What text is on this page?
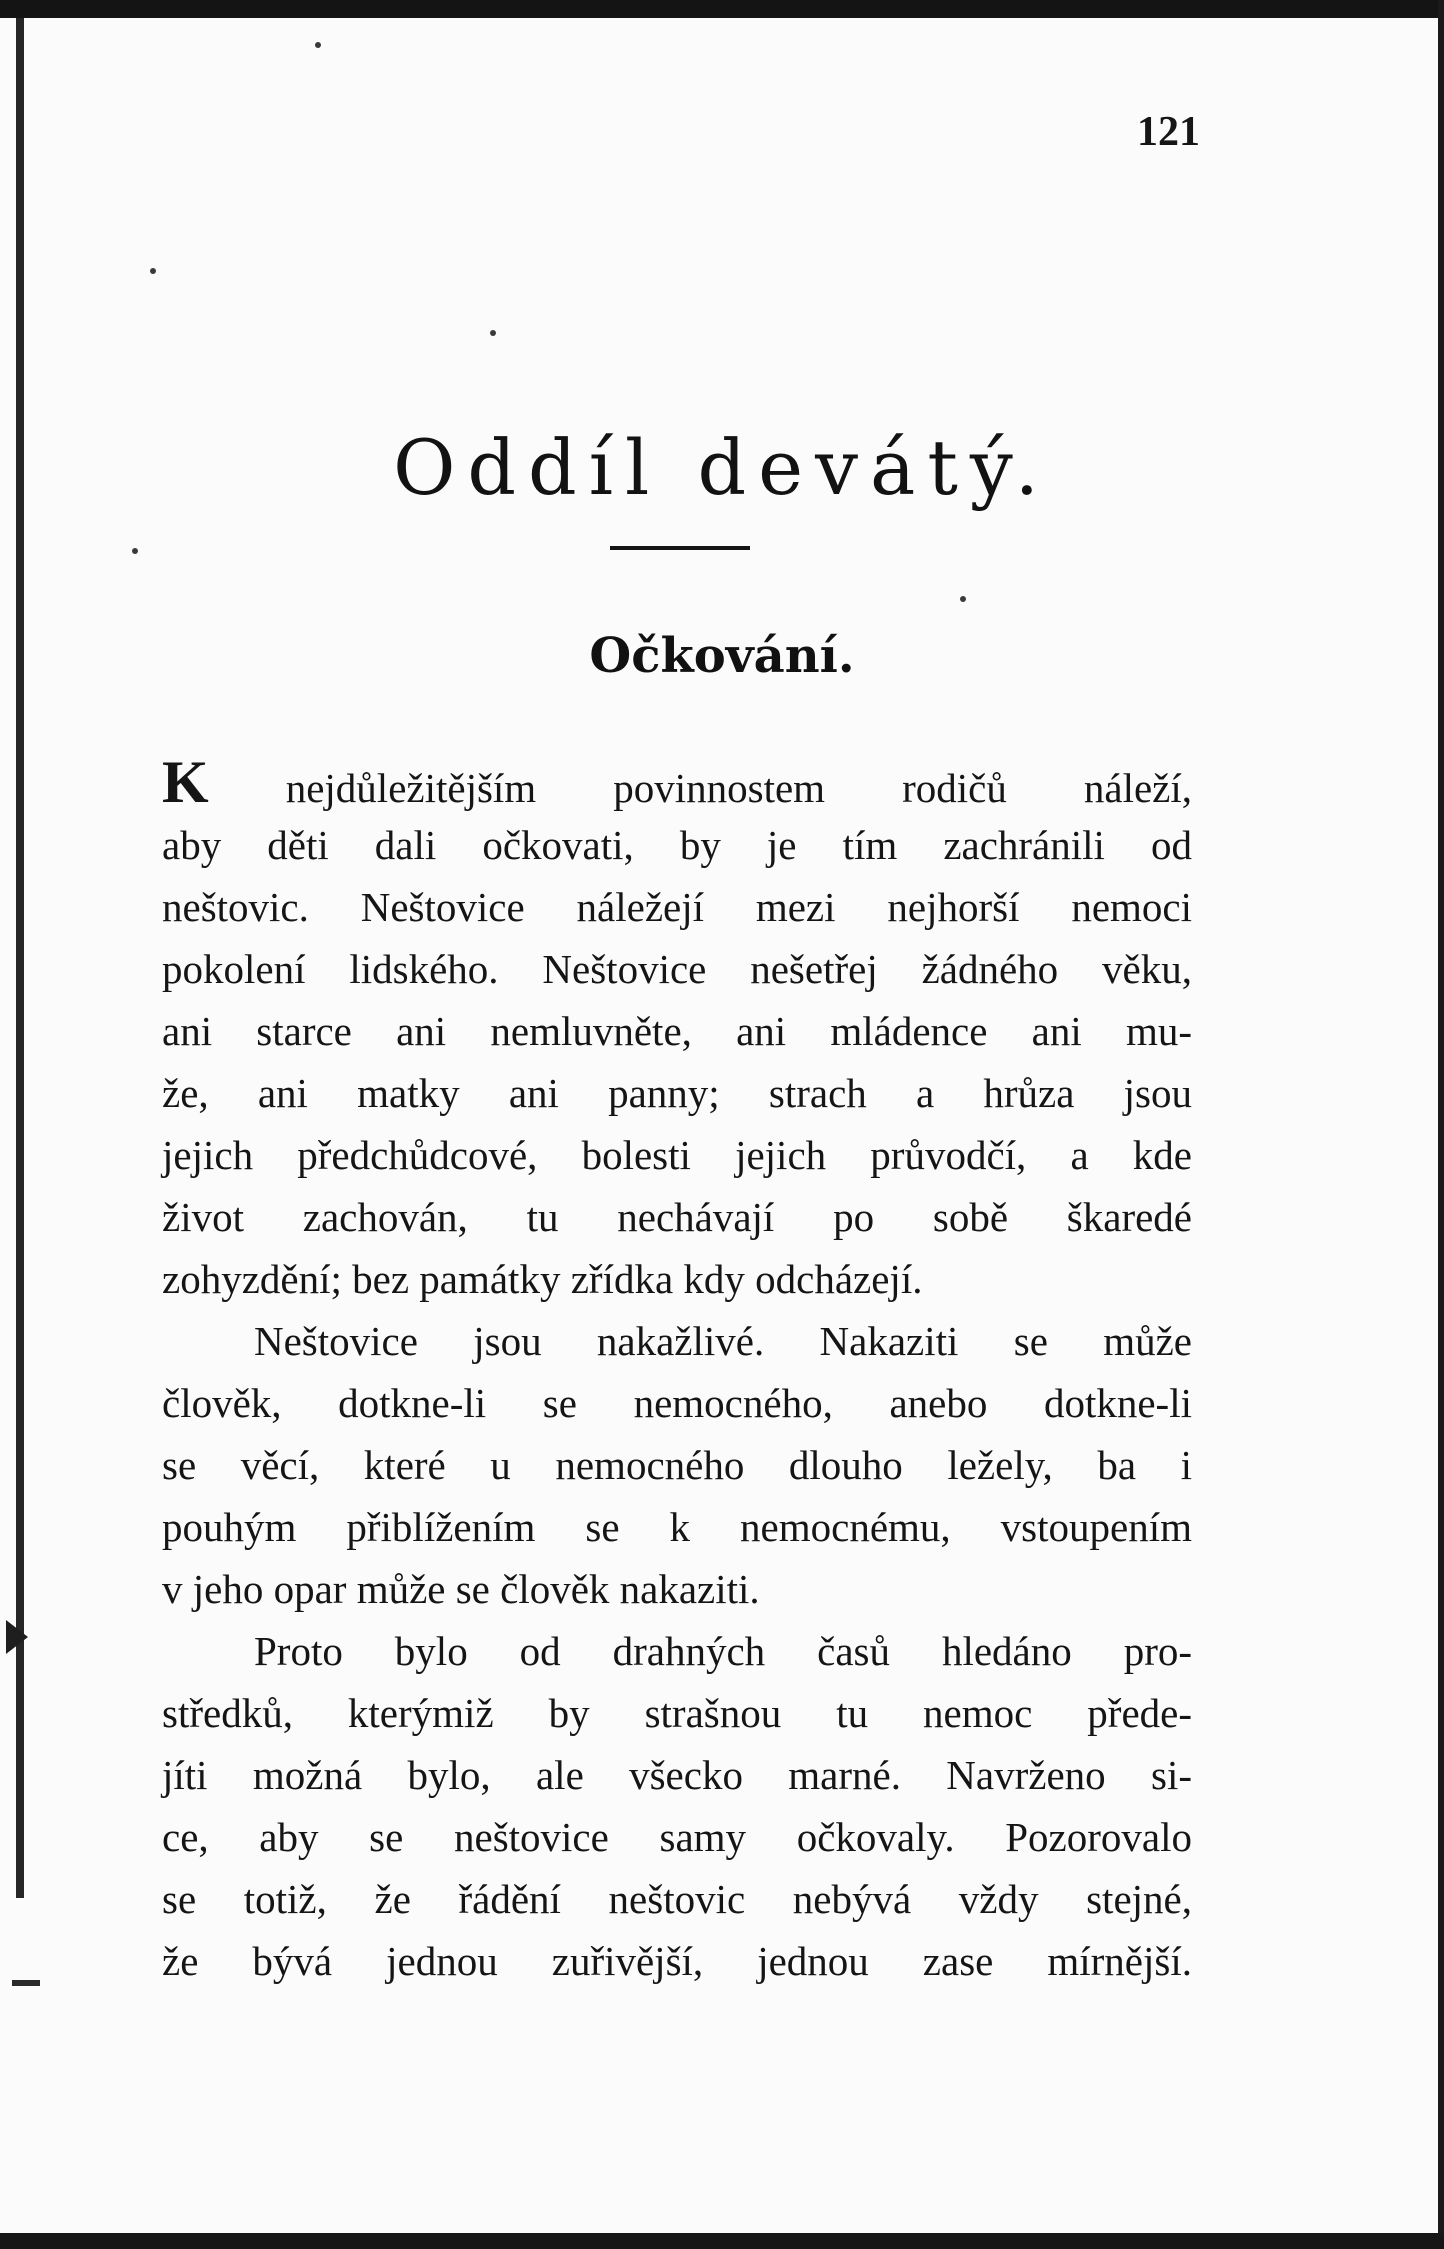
121
Oddíl devátý.
Očkování.
K nejdůležitějším povinnostem rodičů náleží,
aby děti dali očkovati, by je tím zachránili od
neštovic. Neštovice náležejí mezi nejhorší nemoci
pokolení lidského. Neštovice nešetřej žádného věku,
ani starce ani nemluvněte, ani mládence ani mu-
že, ani matky ani panny; strach a hrůza jsou
jejich předchůdcové, bolesti jejich průvodčí, a kde
život zachován, tu nechávají po sobě škaredé
zohyzdění; bez památky zřídka kdy odcházejí.
Neštovice jsou nakažlivé. Nakaziti se může
člověk, dotkne-li se nemocného, anebo dotkne-li
se věcí, které u nemocného dlouho ležely, ba i
pouhým přiblížením se k nemocnému, vstoupením
v jeho opar může se člověk nakaziti.
Proto bylo od drahných časů hledáno pro-
středků, kterýmiž by strašnou tu nemoc přede-
jíti možná bylo, ale všecko marné. Navrženo si-
ce, aby se neštovice samy očkovaly. Pozorovalo
se totiž, že řádění neštovic nebývá vždy stejné,
že bývá jednou zuřivější, jednou zase mírnější.
